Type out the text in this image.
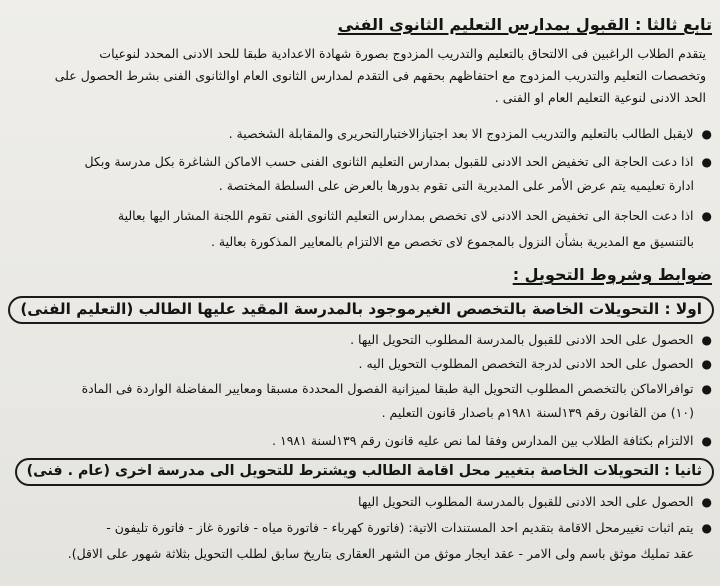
تابع ثالثا : القبول بمدارس التعليم الثانوى الفنى
يتقدم الطلاب الراغبين فى الالتحاق بالتعليم والتدريب المزدوج بصورة شهادة الاعدادية طبقا للحد الادنى المحدد لنوعيات
وتخصصات التعليم والتدريب المزدوج مع احتفاظهم بحقهم فى التقدم لمدارس الثانوى العام اوالثانوى الفنى بشرط الحصول على
الحد الادنى لنوعية التعليم العام او الفنى .
●لايقبل الطالب بالتعليم والتدريب المزدوج الا بعد اجتيازالاختبارالتحريرى والمقابلة الشخصية .
●اذا دعت الحاجة الى تخفيض الحد الادنى للقبول بمدارس التعليم الثانوى الفنى حسب الاماكن الشاغرة بكل مدرسة وبكل
ادارة تعليميه يتم عرض الأمر على المديرية التى تقوم بدورها بالعرض على السلطة المختصة .
●اذا دعت الحاجة الى تخفيض الحد الادنى لاى تخصص بمدارس التعليم الثانوى الفنى تقوم اللجنة المشار اليها بعالية
بالتنسيق مع المديرية بشأن النزول بالمجموع لاى تخصص مع الالتزام بالمعايير المذكورة بعالية .
ضوابط وشروط التحويل :
اولا : التحويلات الخاصة بالتخصص الغيرموجود بالمدرسة المقيد عليها الطالب (التعليم الفنى)
●الحصول على الحد الادنى للقبول بالمدرسة المطلوب التحويل اليها .
●الحصول على الحد الادنى لدرجة التخصص المطلوب التحويل اليه .
●توافرالاماكن بالتخصص المطلوب التحويل الية طبقا لميزانية الفصول المحددة مسبقا ومعايير المفاضلة الواردة فى المادة
(١٠) من القانون رقم ١٣٩لسنة ١٩٨١م باصدار قانون التعليم .
●الالتزام بكثافة الطلاب بين المدارس وفقا لما نص عليه قانون رقم ١٣٩لسنة ١٩٨١ .
ثانيا : التحويلات الخاصة بتغيير محل اقامة الطالب ويشترط للتحويل الى مدرسة اخرى (عام . فنى)
●الحصول على الحد الادنى للقبول بالمدرسة المطلوب التحويل اليها
●يتم اثبات تغييرمحل الاقامة بتقديم احد المستندات الاتية: (فاتورة كهرباء - فاتورة مياه - فاتورة غاز - فاتورة تليفون -
عقد تمليك موثق باسم ولى الامر - عقد ايجار موثق من الشهر العقارى بتاريخ سابق لطلب التحويل بثلاثة شهور على الاقل).
